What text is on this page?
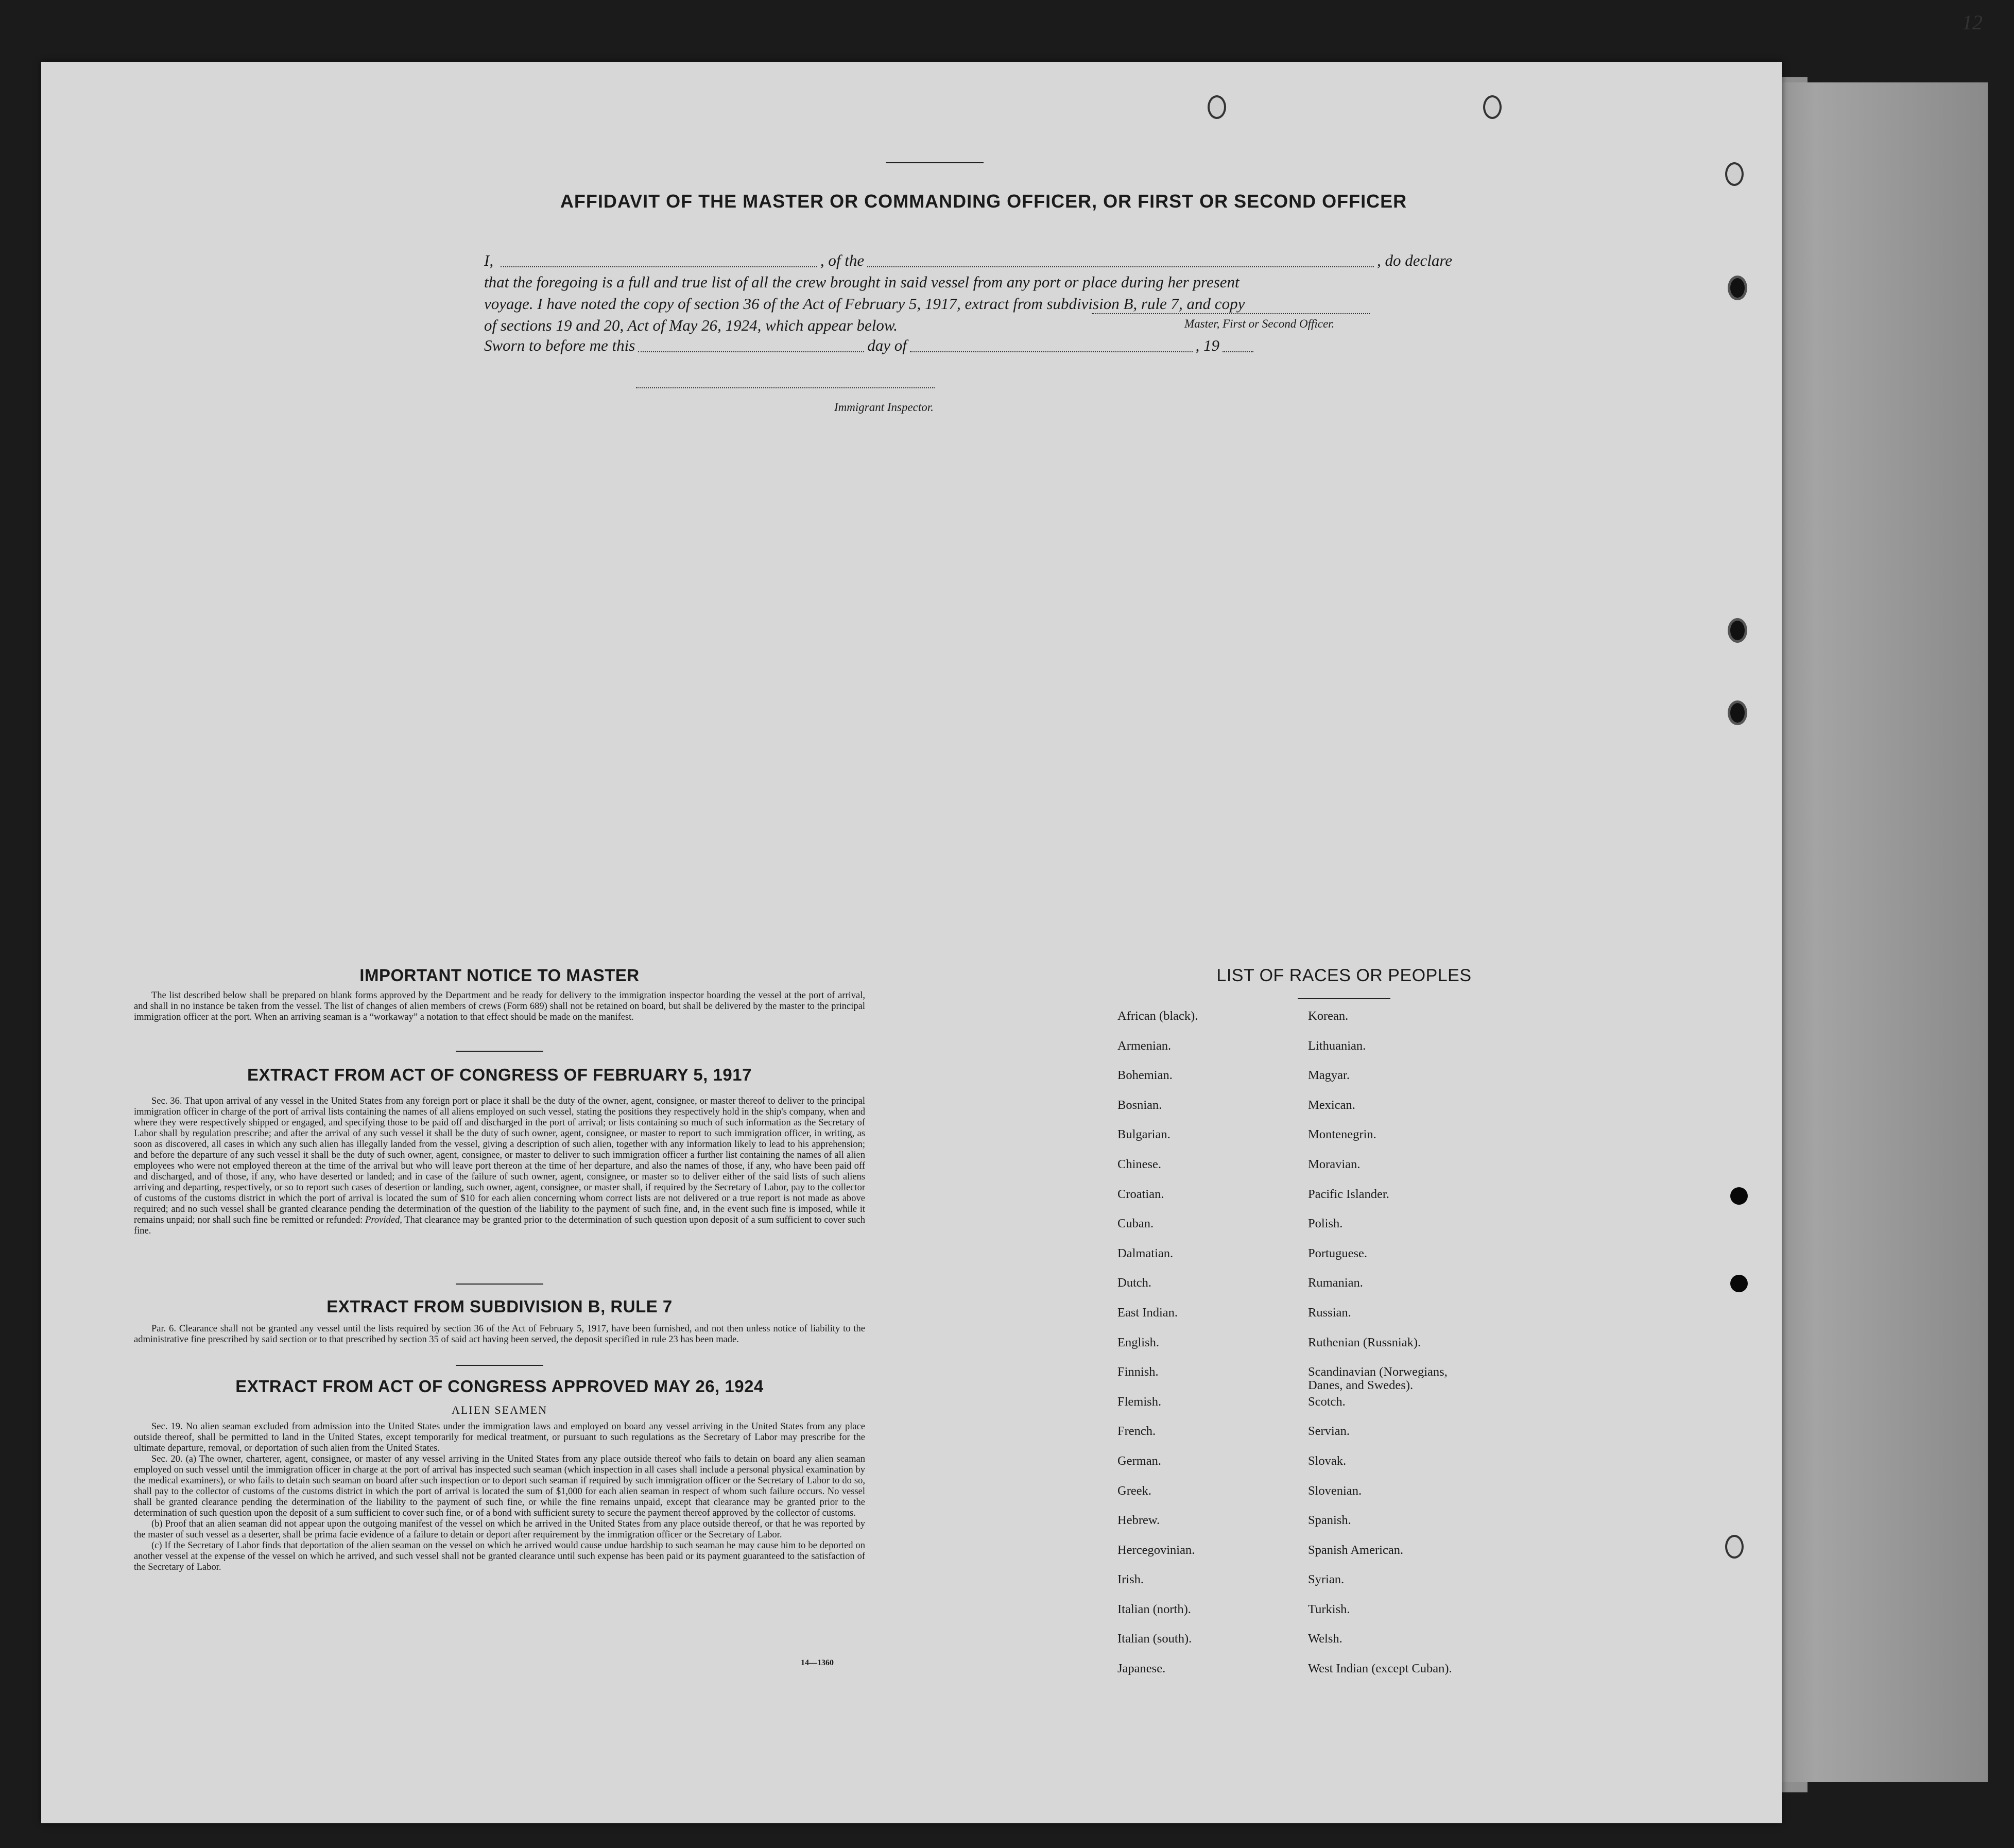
12
AFFIDAVIT OF THE MASTER OR COMMANDING OFFICER, OR FIRST OR SECOND OFFICER
I,	, of the	, do declare
that the foregoing is a full and true list of all the crew brought in said vessel from any port or place during her present
voyage. I have noted the copy of section 36 of the Act of February 5, 1917, extract from subdivision B, rule 7, and copy
of sections 19 and 20, Act of May 26, 1924, which appear below.	Master, First or Second Officer.
Sworn to before me this	day of	, 19
Immigrant Inspector.
IMPORTANT NOTICE TO MASTER

The list described below shall be prepared on blank forms approved by the Department and be ready for delivery to the immigration inspector boarding the vessel at the port of arrival, and shall in no instance be taken from the vessel. The list of changes of alien members of crews (Form 689) shall not be retained on board, but shall be delivered by the master to the principal immigration officer at the port. When an arriving seaman is a “workaway” a notation to that effect should be made on the manifest.

EXTRACT FROM ACT OF CONGRESS OF FEBRUARY 5, 1917

Sec. 36. That upon arrival of any vessel in the United States from any foreign port or place it shall be the duty of the owner, agent, consignee, or master thereof to deliver to the principal immigration officer in charge of the port of arrival lists containing the names of all aliens employed on such vessel, stating the positions they respectively hold in the ship's company, when and where they were respectively shipped or engaged, and specifying those to be paid off and discharged in the port of arrival; or lists containing so much of such information as the Secretary of Labor shall by regulation prescribe; and after the arrival of any such vessel it shall be the duty of such owner, agent, consignee, or master to report to such immigration officer, in writing, as soon as discovered, all cases in which any such alien has illegally landed from the vessel, giving a description of such alien, together with any information likely to lead to his apprehension; and before the departure of any such vessel it shall be the duty of such owner, agent, consignee, or master to deliver to such immigration officer a further list containing the names of all alien employees who were not employed thereon at the time of the arrival but who will leave port thereon at the time of her departure, and also the names of those, if any, who have been paid off and discharged, and of those, if any, who have deserted or landed; and in case of the failure of such owner, agent, consignee, or master so to deliver either of the said lists of such aliens arriving and departing, respectively, or so to report such cases of desertion or landing, such owner, agent, consignee, or master shall, if required by the Secretary of Labor, pay to the collector of customs of the customs district in which the port of arrival is located the sum of $10 for each alien concerning whom correct lists are not delivered or a true report is not made as above required; and no such vessel shall be granted clearance pending the determination of the question of the liability to the payment of such fine, and, in the event such fine is imposed, while it remains unpaid; nor shall such fine be remitted or refunded: Provided, That clearance may be granted prior to the determination of such question upon deposit of a sum sufficient to cover such fine.

EXTRACT FROM SUBDIVISION B, RULE 7

Par. 6. Clearance shall not be granted any vessel until the lists required by section 36 of the Act of February 5, 1917, have been furnished, and not then unless notice of liability to the administrative fine prescribed by said section or to that prescribed by section 35 of said act having been served, the deposit specified in rule 23 has been made.

EXTRACT FROM ACT OF CONGRESS APPROVED MAY 26, 1924
ALIEN SEAMEN

Sec. 19. No alien seaman excluded from admission into the United States under the immigration laws and employed on board any vessel arriving in the United States from any place outside thereof, shall be permitted to land in the United States, except temporarily for medical treatment, or pursuant to such regulations as the Secretary of Labor may prescribe for the ultimate departure, removal, or deportation of such alien from the United States.

Sec. 20. (a) The owner, charterer, agent, consignee, or master of any vessel arriving in the United States from any place outside thereof who fails to detain on board any alien seaman employed on such vessel until the immigration officer in charge at the port of arrival has inspected such seaman (which inspection in all cases shall include a personal physical examination by the medical examiners), or who fails to detain such seaman on board after such inspection or to deport such seaman if required by such immigration officer or the Secretary of Labor to do so, shall pay to the collector of customs of the customs district in which the port of arrival is located the sum of $1,000 for each alien seaman in respect of whom such failure occurs. No vessel shall be granted clearance pending the determination of the liability to the payment of such fine, or while the fine remains unpaid, except that clearance may be granted prior to the determination of such question upon the deposit of a sum sufficient to cover such fine, or of a bond with sufficient surety to secure the payment thereof approved by the collector of customs.

(b) Proof that an alien seaman did not appear upon the outgoing manifest of the vessel on which he arrived in the United States from any place outside thereof, or that he was reported by the master of such vessel as a deserter, shall be prima facie evidence of a failure to detain or deport after requirement by the immigration officer or the Secretary of Labor.

(c) If the Secretary of Labor finds that deportation of the alien seaman on the vessel on which he arrived would cause undue hardship to such seaman he may cause him to be deported on another vessel at the expense of the vessel on which he arrived, and such vessel shall not be granted clearance until such expense has been paid or its payment guaranteed to the satisfaction of the Secretary of Labor.

14—1360
LIST OF RACES OR PEOPLES
African (black).	Korean.
Armenian.	Lithuanian.
Bohemian.	Magyar.
Bosnian.	Mexican.
Bulgarian.	Montenegrin.
Chinese.	Moravian.
Croatian.	Pacific Islander.
Cuban.	Polish.
Dalmatian.	Portuguese.
Dutch.	Rumanian.
East Indian.	Russian.
English.	Ruthenian (Russniak).
Finnish.	Scandinavian (Norwegians,
Danes, and Swedes).
Flemish.	Scotch.
French.	Servian.
German.	Slovak.
Greek.	Slovenian.
Hebrew.	Spanish.
Hercegovinian.	Spanish American.
Irish.	Syrian.
Italian (north).	Turkish.
Italian (south).	Welsh.
Japanese.	West Indian (except Cuban).
